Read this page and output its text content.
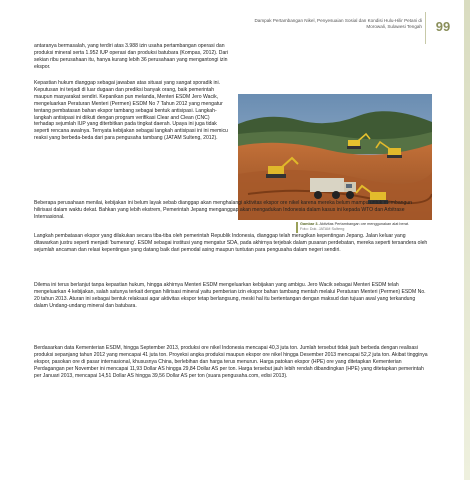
Dampak Pertambangan Nikel, Penyesuaian Sosial dan Kondisi Hulu-Hilir Petani di Morowali, Sulawesi Tengah	99

antaranya bermasalah, yang terdiri atas 3.988 izin usaha pertambangan operasi dan produksi mineral serta 1.952 IUP operasi dan produksi batubara (Kompas, 2012). Dari sekian ribu perusahaan itu, hanya kurang lebih 36 perusahaan yang mengantongi izin ekspor.

Kepastian hukum dianggap sebagai jawaban atas situasi yang sangat sporadik ini. Keputusan ini terjadi di luar dugaan dan prediksi banyak orang, baik pemerintah maupun masyarakat sendiri. Kepanikan pun melanda, Menteri ESDM Jero Wacik, mengeluarkan Peraturan Menteri (Permen) ESDM No 7 Tahun 2012 yang mengatur tentang pembatasan bahan ekspor tambang sebagai bentuk antisipasi. Langkah-langkah antisipasi ini diikuti dengan program verifikasi Clear and Clean (CNC) terhadap sejumlah IUP yang diterbitkan pada tingkat daerah. Upaya ini juga tidak seperti rencana awalnya. Ternyata kebijakan sebagai langkah antisipasi ini ini memicu reaksi yang berbeda-beda dari para pengusaha tambang (JATAM Sulteng, 2012).

Gambar 3. Aktivitas Pertambangan ore menggunakan alat berat.
Foto: Dok. JATAM Sulteng

Beberapa perusahaan menilai, kebijakan ini belum layak sebab dianggap akan menghalangi aktivitas ekspor ore nikel karena mereka belum mampu untuk membangun hilirisasi dalam waktu dekat. Bahkan yang lebih ekstrem, Pemerintah Jepang menganggap akan mengadukan Indonesia dalam kasus ini kepada WTO dan Arbitrase Internasional.

Langkah pembatasan ekspor yang dilakukan secara tiba-tiba oleh pemerintah Republik Indonesia, dianggap telah merugikan kepentingan Jepang. Jalan keluar yang ditawarkan justru seperti menjadi 'bumerang'. ESDM sebagai institusi yang mengatur SDA, pada akhirnya terjebak dalam pusaran perdebatan, mereka seperti tersandera oleh sejumlah ancaman dan relasi kepentingan yang datang baik dari pemodal asing maupun tuntutan para pengusaha dalam negeri sendiri.

Dilema ini terus berlanjut tanpa kepastian hukum, hingga akhirnya Menteri ESDM mengeluarkan kebijakan yang ambigu. Jero Wacik sebagai Menteri ESDM telah mengeluarkan 4 kebijakan, salah satunya terkait dengan hilirisasi mineral yaitu pemberian izin ekspor bahan tambang mentah melalui Peraturan Menteri (Permen) ESDM No. 20 tahun 2013. Aturan ini sebagai bentuk relaksasi agar aktivitas ekspor tetap berlangsung, meski hal itu bertentangan dengan maksud dan tujuan awal yang terkandung dalam Undang-undang mineral dan batubara.

Berdasarkan data Kementerian ESDM, hingga September 2013, produksi ore nikel Indonesia mencapai 40,3 juta ton. Jumlah tersebut tidak jauh berbeda dengan realisasi produksi sepanjang tahun 2012 yang mencapai 41 juta ton. Proyeksi angka produksi maupun ekspor ore nikel hingga Desember 2013 mencapai 52,2 juta ton. Akibat tingginya ekspor, pasokan ore di pasar internasional, khususnya China, berlebihan dan harga terus menurun. Harga patokan ekspor (HPE) ore yang ditetapkan Kementerian Perdagangan per November ini mencapai 11,93 Dollar AS hingga 29,84 Dollar AS per ton. Harga tersebut jauh lebih rendah dibandingkan (HPE) yang ditetapkan pemerintah per Januari 2013, mencapai 14,51 Dollar AS hingga 39,56 Dollar AS per ton (suara pengusaha.com, edisi 2013).
